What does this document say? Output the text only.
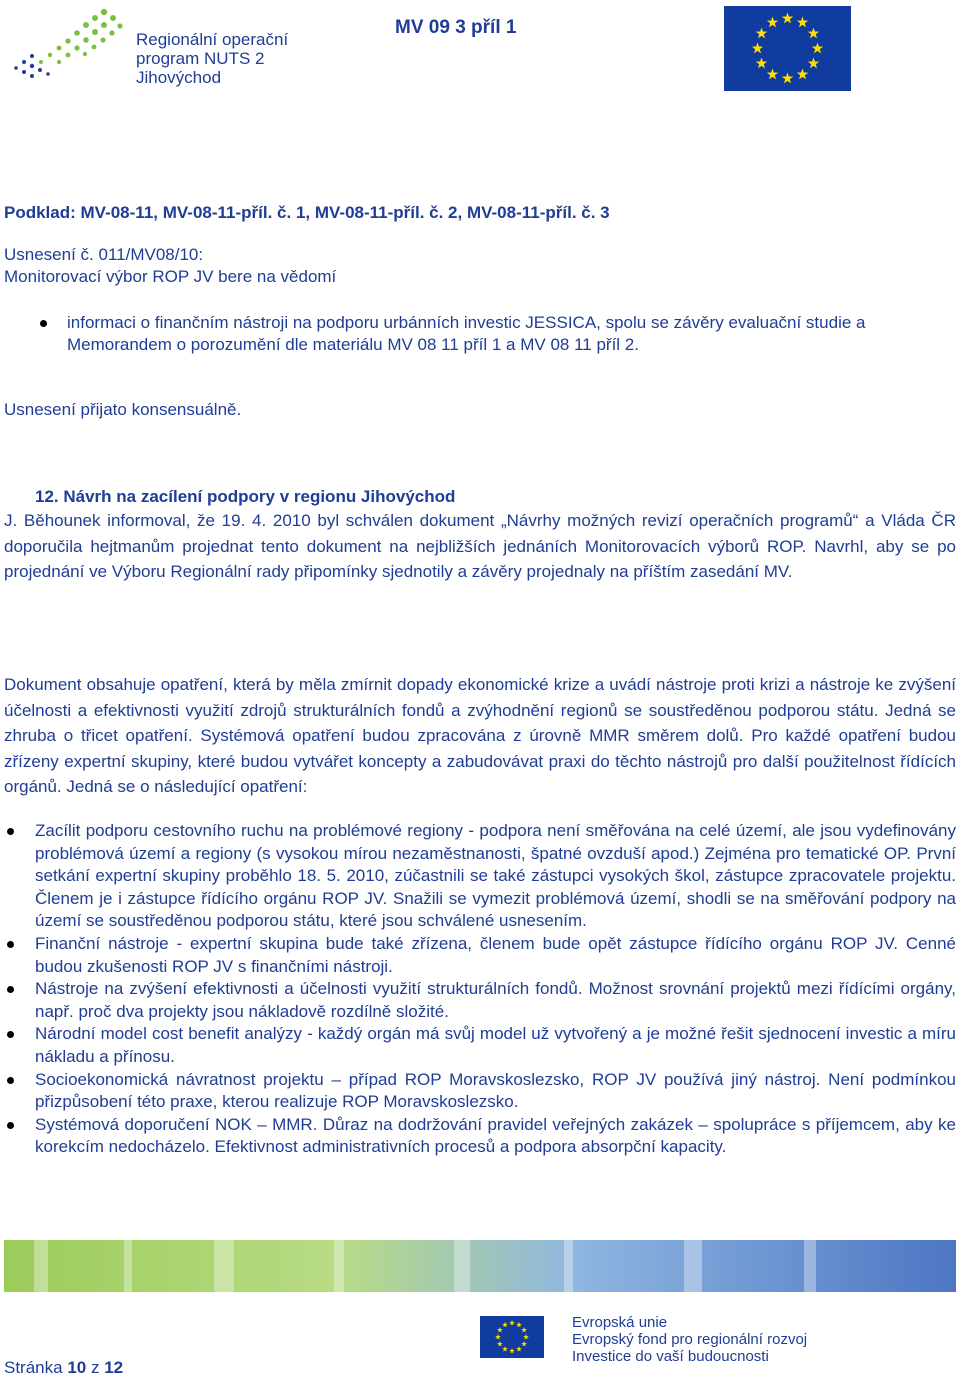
Regionální operační
program NUTS 2
Jihovýchod
MV 09 3 příl 1
Podklad: MV-08-11, MV-08-11-příl. č. 1, MV-08-11-příl. č. 2, MV-08-11-příl. č. 3
Usnesení č. 011/MV08/10:
Monitorovací výbor ROP JV bere na vědomí
informaci o finančním nástroji na podporu urbánních investic JESSICA, spolu se závěry evaluační studie a Memorandem o porozumění dle materiálu MV 08 11 příl 1 a MV 08 11 příl 2.
Usnesení přijato konsensuálně.
12. Návrh na zacílení podpory v regionu Jihovýchod
J. Běhounek informoval, že 19. 4. 2010 byl schválen dokument „Návrhy možných revizí operačních programů“ a Vláda ČR doporučila hejtmanům projednat tento dokument na nejbližších jednáních Monitorovacích výborů ROP. Navrhl, aby se po projednání ve Výboru Regionální rady připomínky sjednotily a závěry projednaly na příštím zasedání MV.
Dokument obsahuje opatření, která by měla zmírnit dopady ekonomické krize a uvádí nástroje proti krizi a nástroje ke zvýšení účelnosti a efektivnosti využití zdrojů strukturálních fondů a zvýhodnění regionů se soustředěnou podporou státu. Jedná se zhruba o třicet opatření. Systémová opatření budou zpracována z úrovně MMR směrem dolů. Pro každé opatření budou zřízeny expertní skupiny, které budou vytvářet koncepty a zabudovávat praxi do těchto nástrojů pro další použitelnost řídících orgánů. Jedná se o následující opatření:
Zacílit podporu cestovního ruchu na problémové regiony - podpora není směřována na celé území, ale jsou vydefinovány problémová území a regiony (s vysokou mírou nezaměstnanosti, špatné ovzduší apod.) Zejména pro tematické OP. První setkání expertní skupiny proběhlo 18. 5. 2010, zúčastnili se také zástupci vysokých škol, zástupce zpracovatele projektu. Členem je i zástupce řídícího orgánu ROP JV. Snažili se vymezit problémová území, shodli se na směřování podpory na území se soustředěnou podporou státu, které jsou schválené usnesením.
Finanční nástroje - expertní skupina bude také zřízena, členem bude opět zástupce řídícího orgánu ROP JV. Cenné budou zkušenosti ROP JV s finančními nástroji.
Nástroje na zvýšení efektivnosti a účelnosti využití strukturálních fondů. Možnost srovnání projektů mezi řídícími orgány, např. proč dva projekty jsou nákladově rozdílně složité.
Národní model cost benefit analýzy - každý orgán má svůj model už vytvořený a je možné řešit sjednocení investic a míru nákladu a přínosu.
Socioekonomická návratnost projektu – případ ROP Moravskoslezsko, ROP JV používá jiný nástroj. Není podmínkou přizpůsobení této praxe, kterou realizuje ROP Moravskoslezsko.
Systémová doporučení NOK – MMR. Důraz na dodržování pravidel veřejných zakázek – spolupráce s příjemcem, aby ke korekcím nedocházelo. Efektivnost administrativních procesů a podpora absorpční kapacity.
Evropská unie
Evropský fond pro regionální rozvoj
Investice do vaší budoucnosti
Stránka 10 z 12
